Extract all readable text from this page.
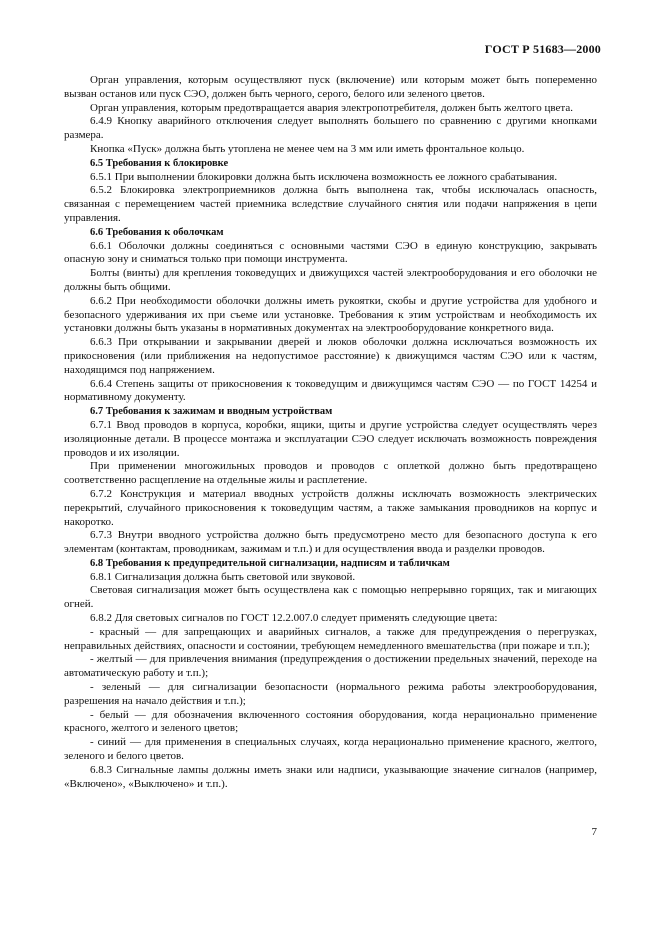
ГОСТ Р 51683—2000

Орган управления, которым осуществляют пуск (включение) или которым может быть попеременно вызван останов или пуск СЭО, должен быть черного, серого, белого или зеленого цветов.

Орган управления, которым предотвращается авария электропотребителя, должен быть желтого цвета.

6.4.9 Кнопку аварийного отключения следует выполнять большего по сравнению с другими кнопками размера.

Кнопка «Пуск» должна быть утоплена не менее чем на 3 мм или иметь фронтальное кольцо.

6.5 Требования к блокировке

6.5.1 При выполнении блокировки должна быть исключена возможность ее ложного срабатывания.

6.5.2 Блокировка электроприемников должна быть выполнена так, чтобы исключалась опасность, связанная с перемещением частей приемника вследствие случайного снятия или подачи напряжения в цепи управления.

6.6 Требования к оболочкам

6.6.1 Оболочки должны соединяться с основными частями СЭО в единую конструкцию, закрывать опасную зону и сниматься только при помощи инструмента.

Болты (винты) для крепления токоведущих и движущихся частей электрооборудования и его оболочки не должны быть общими.

6.6.2 При необходимости оболочки должны иметь рукоятки, скобы и другие устройства для удобного и безопасного удерживания их при съеме или установке. Требования к этим устройствам и необходимость их установки должны быть указаны в нормативных документах на электрооборудование конкретного вида.

6.6.3 При открывании и закрывании дверей и люков оболочки должна исключаться возможность их прикосновения (или приближения на недопустимое расстояние) к движущимся частям СЭО или к частям, находящимся под напряжением.

6.6.4 Степень защиты от прикосновения к токоведущим и движущимся частям СЭО — по ГОСТ 14254 и нормативному документу.

6.7 Требования к зажимам и вводным устройствам

6.7.1 Ввод проводов в корпуса, коробки, ящики, щиты и другие устройства следует осуществлять через изоляционные детали. В процессе монтажа и эксплуатации СЭО следует исключать возможность повреждения проводов и их изоляции.

При применении многожильных проводов и проводов с оплеткой должно быть предотвращено соответственно расщепление на отдельные жилы и расплетение.

6.7.2 Конструкция и материал вводных устройств должны исключать возможность электрических перекрытий, случайного прикосновения к токоведущим частям, а также замыкания проводников на корпус и накоротко.

6.7.3 Внутри вводного устройства должно быть предусмотрено место для безопасного доступа к его элементам (контактам, проводникам, зажимам и т.п.) и для осуществления ввода и разделки проводов.

6.8 Требования к предупредительной сигнализации, надписям и табличкам

6.8.1 Сигнализация должна быть световой или звуковой.

Световая сигнализация может быть осуществлена как с помощью непрерывно горящих, так и мигающих огней.

6.8.2 Для световых сигналов по ГОСТ 12.2.007.0 следует применять следующие цвета:

- красный — для запрещающих и аварийных сигналов, а также для предупреждения о перегрузках, неправильных действиях, опасности и состоянии, требующем немедленного вмешательства (при пожаре и т.п.);

- желтый — для привлечения внимания (предупреждения о достижении предельных значений, переходе на автоматическую работу и т.п.);

- зеленый — для сигнализации безопасности (нормального режима работы электрооборудования, разрешения на начало действия и т.п.);

- белый — для обозначения включенного состояния оборудования, когда нерационально применение красного, желтого и зеленого цветов;

- синий — для применения в специальных случаях, когда нерационально применение красного, желтого, зеленого и белого цветов.

6.8.3 Сигнальные лампы должны иметь знаки или надписи, указывающие значение сигналов (например, «Включено», «Выключено» и т.п.).

7
